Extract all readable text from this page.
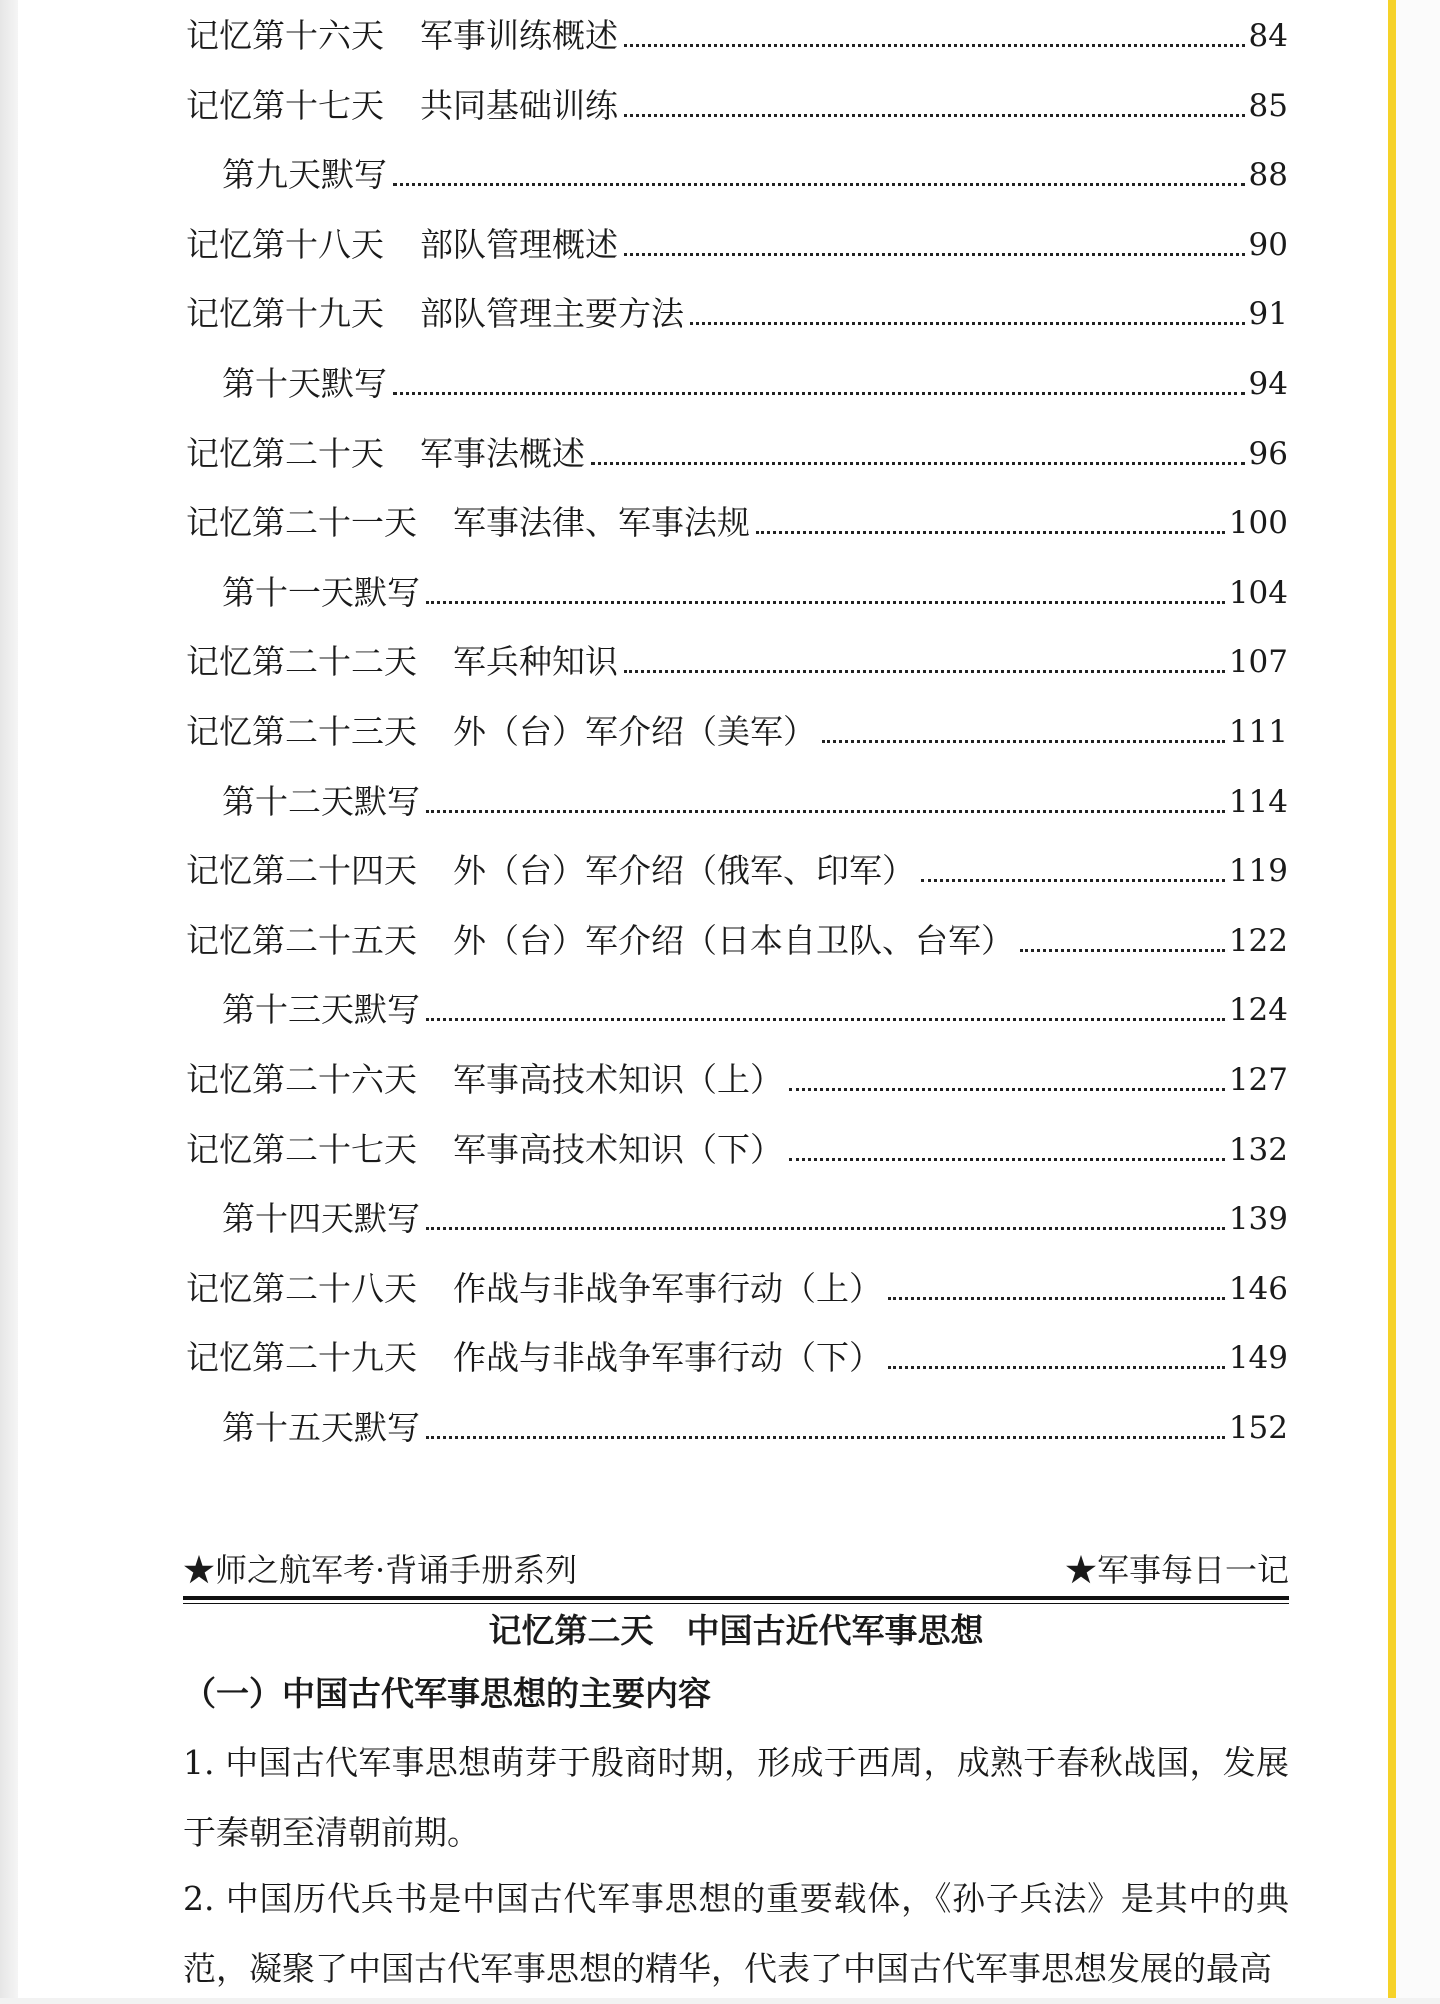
记忆第十六天 军事训练概述	84
记忆第十七天 共同基础训练	85
第九天默写	88
记忆第十八天 部队管理概述	90
记忆第十九天 部队管理主要方法	91
第十天默写	94
记忆第二十天 军事法概述	96
记忆第二十一天 军事法律、军事法规	100
第十一天默写	104
记忆第二十二天 军兵种知识	107
记忆第二十三天 外（台）军介绍（美军）	111
第十二天默写	114
记忆第二十四天 外（台）军介绍（俄军、印军）	119
记忆第二十五天 外（台）军介绍（日本自卫队、台军）	122
第十三天默写	124
记忆第二十六天 军事高技术知识（上）	127
记忆第二十七天 军事高技术知识（下）	132
第十四天默写	139
记忆第二十八天 作战与非战争军事行动（上）	146
记忆第二十九天 作战与非战争军事行动（下）	149
第十五天默写	152
★师之航军考·背诵手册系列	★军事每日一记
记忆第二天　中国古近代军事思想
（一）中国古代军事思想的主要内容
1. 中国古代军事思想萌芽于殷商时期，形成于西周，成熟于春秋战国，发展于秦朝至清朝前期。
2. 中国历代兵书是中国古代军事思想的重要载体，《孙子兵法》是其中的典范，凝聚了中国古代军事思想的精华，代表了中国古代军事思想发展的最高
